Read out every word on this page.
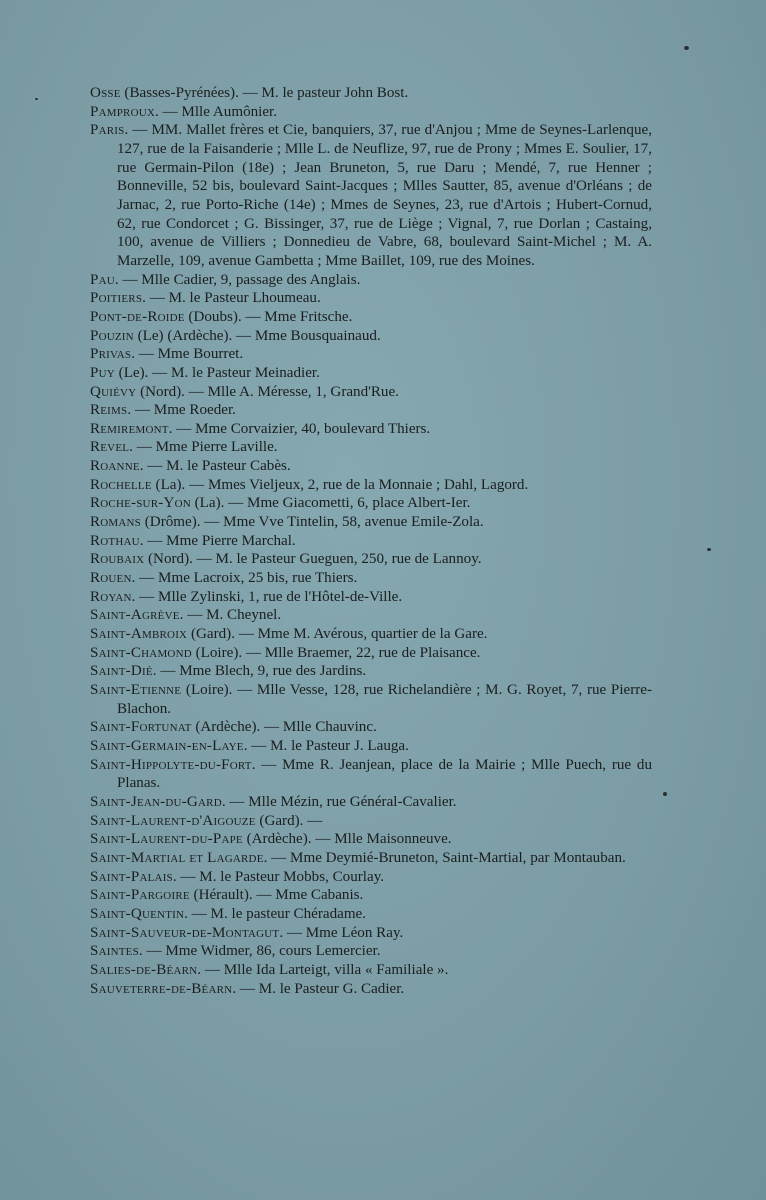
Osse (Basses-Pyrénées). — M. le pasteur John Bost.
Pamproux. — Mlle Aumônier.
Paris. — MM. Mallet frères et Cie, banquiers, 37, rue d'Anjou ; Mme de Seynes-Larlenque, 127, rue de la Faisanderie ; Mlle L. de Neuflize, 97, rue de Prony ; Mmes E. Soulier, 17, rue Germain-Pilon (18e) ; Jean Bruneton, 5, rue Daru ; Mendé, 7, rue Henner ; Bonneville, 52 bis, boulevard Saint-Jacques ; Mlles Sautter, 85, avenue d'Orléans ; de Jarnac, 2, rue Porto-Riche (14e) ; Mmes de Seynes, 23, rue d'Artois ; Hubert-Cornud, 62, rue Condorcet ; G. Bissinger, 37, rue de Liège ; Vignal, 7, rue Dorlan ; Castaing, 100, avenue de Villiers ; Donnedieu de Vabre, 68, boulevard Saint-Michel ; M. A. Marzelle, 109, avenue Gambetta ; Mme Baillet, 109, rue des Moines.
Pau. — Mlle Cadier, 9, passage des Anglais.
Poitiers. — M. le Pasteur Lhoumeau.
Pont-de-Roide (Doubs). — Mme Fritsche.
Pouzin (Le) (Ardèche). — Mme Bousquainaud.
Privas. — Mme Bourret.
Puy (Le). — M. le Pasteur Meinadier.
Quiévy (Nord). — Mlle A. Méresse, 1, Grand'Rue.
Reims. — Mme Roeder.
Remiremont. — Mme Corvaizier, 40, boulevard Thiers.
Revel. — Mme Pierre Laville.
Roanne. — M. le Pasteur Cabès.
Rochelle (La). — Mmes Vieljeux, 2, rue de la Monnaie ; Dahl, Lagord.
Roche-sur-Yon (La). — Mme Giacometti, 6, place Albert-Ier.
Romans (Drôme). — Mme Vve Tintelin, 58, avenue Emile-Zola.
Rothau. — Mme Pierre Marchal.
Roubaix (Nord). — M. le Pasteur Gueguen, 250, rue de Lannoy.
Rouen. — Mme Lacroix, 25 bis, rue Thiers.
Royan. — Mlle Zylinski, 1, rue de l'Hôtel-de-Ville.
Saint-Agrève. — M. Cheynel.
Saint-Ambroix (Gard). — Mme M. Avérous, quartier de la Gare.
Saint-Chamond (Loire). — Mlle Braemer, 22, rue de Plaisance.
Saint-Dié. — Mme Blech, 9, rue des Jardins.
Saint-Etienne (Loire). — Mlle Vesse, 128, rue Richelandière ; M. G. Royet, 7, rue Pierre-Blachon.
Saint-Fortunat (Ardèche). — Mlle Chauvinc.
Saint-Germain-en-Laye. — M. le Pasteur J. Lauga.
Saint-Hippolyte-du-Fort. — Mme R. Jeanjean, place de la Mairie ; Mlle Puech, rue du Planas.
Saint-Jean-du-Gard. — Mlle Mézin, rue Général-Cavalier.
Saint-Laurent-d'Aigouze (Gard). —
Saint-Laurent-du-Pape (Ardèche). — Mlle Maisonneuve.
Saint-Martial et Lagarde. — Mme Deymié-Bruneton, Saint-Martial, par Montauban.
Saint-Palais. — M. le Pasteur Mobbs, Courlay.
Saint-Pargoire (Hérault). — Mme Cabanis.
Saint-Quentin. — M. le pasteur Chéradame.
Saint-Sauveur-de-Montagut. — Mme Léon Ray.
Saintes. — Mme Widmer, 86, cours Lemercier.
Salies-de-Béarn. — Mlle Ida Larteigt, villa « Familiale ».
Sauveterre-de-Béarn. — M. le Pasteur G. Cadier.
